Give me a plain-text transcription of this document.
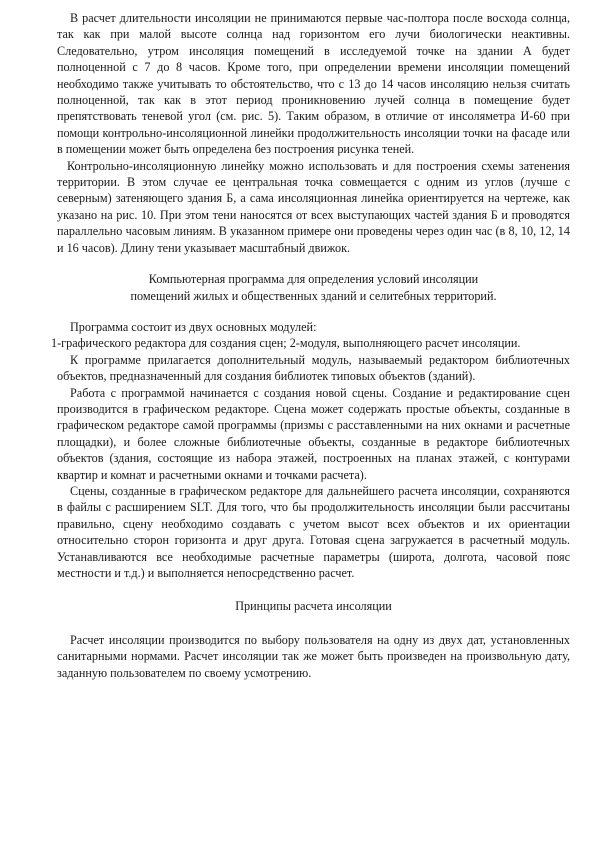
В расчет длительности инсоляции не принимаются первые час-полтора после восхода солнца, так как при малой высоте солнца над горизонтом его лучи биологически неактивны. Следовательно, утром инсоляция помещений в исследуемой точке на здании А будет полноценной с 7 до 8 часов. Кроме того, при определении времени инсоляции помещений необходимо также учитывать то обстоятельство, что с 13 до 14 часов инсоляцию нельзя считать полноценной, так как в этот период проникновению лучей солнца в помещение будет препятствовать теневой угол (см. рис. 5). Таким образом, в отличие от инсоляметра И-60 при помощи контрольно-инсоляционной линейки продолжительность инсоляции точки на фасаде или в помещении может быть определена без построения рисунка теней.

Контрольно-инсоляционную линейку можно использовать и для построения схемы затенения территории. В этом случае ее центральная точка совмещается с одним из углов (лучше с северным) затеняющего здания Б, а сама инсоляционная линейка ориентируется на чертеже, как указано на рис. 10. При этом тени наносятся от всех выступающих частей здания Б и проводятся параллельно часовым линиям. В указанном примере они проведены через один час (в 8, 10, 12, 14 и 16 часов). Длину тени указывает масштабный движок.

Компьютерная программа для определения условий инсоляции
помещений жилых и общественных зданий и селитебных территорий.

Программа состоит из двух основных модулей:

1-графического редактора для создания сцен; 2-модуля, выполняющего расчет инсоляции.

К программе прилагается дополнительный модуль, называемый редактором библиотечных объектов, предназначенный для создания библиотек типовых объектов (зданий).

Работа с программой начинается с создания новой сцены. Создание и редактирование сцен производится в графическом редакторе. Сцена может содержать простые объекты, созданные в графическом редакторе самой программы (призмы с расставленными на них окнами и расчетные площадки), и более сложные библиотечные объекты, созданные в редакторе библиотечных объектов (здания, состоящие из набора этажей, построенных на планах этажей, с контурами квартир и комнат и расчетными окнами и точками расчета).

Сцены, созданные в графическом редакторе для дальнейшего расчета инсоляции, сохраняются в файлы с расширением SLT. Для того, что бы продолжительность инсоляции были рассчитаны правильно, сцену необходимо создавать с учетом высот всех объектов и их ориентации относительно сторон горизонта и друг друга. Готовая сцена загружается в расчетный модуль. Устанавливаются все необходимые расчетные параметры (широта, долгота, часовой пояс местности и т.д.) и выполняется непосредственно расчет.

Принципы расчета инсоляции

Расчет инсоляции производится по выбору пользователя на одну из двух дат, установленных санитарными нормами. Расчет инсоляции так же может быть произведен на произвольную дату, заданную пользователем по своему усмотрению.
